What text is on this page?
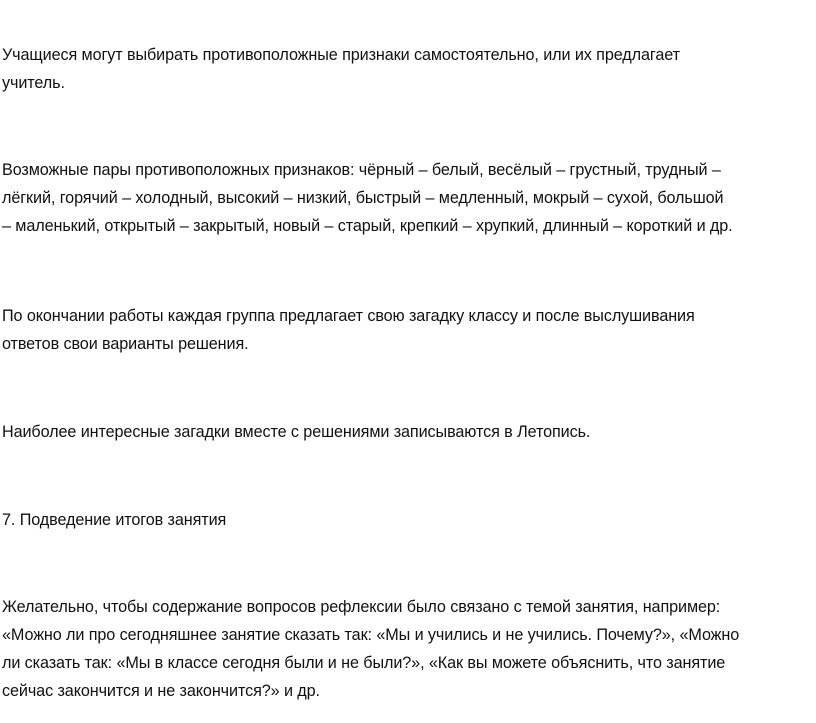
Учащиеся могут выбирать противоположные признаки самостоятельно, или их предлагает
учитель.

Возможные пары противоположных признаков: чёрный – белый, весёлый – грустный, трудный –
лёгкий, горячий – холодный, высокий – низкий, быстрый – медленный, мокрый – сухой, большой
– маленький, открытый – закрытый, новый – старый, крепкий – хрупкий, длинный – короткий и др.

По окончании работы каждая группа предлагает свою загадку классу и после выслушивания
ответов свои варианты решения.

Наиболее интересные загадки вместе с решениями записываются в Летопись.

7. Подведение итогов занятия

Желательно, чтобы содержание вопросов рефлексии было связано с темой занятия, например:
«Можно ли про сегодняшнее занятие сказать так: «Мы и учились и не учились. Почему?», «Можно
ли сказать так: «Мы в классе сегодня были и не были?», «Как вы можете объяснить, что занятие
сейчас закончится и не закончится?» и др.
